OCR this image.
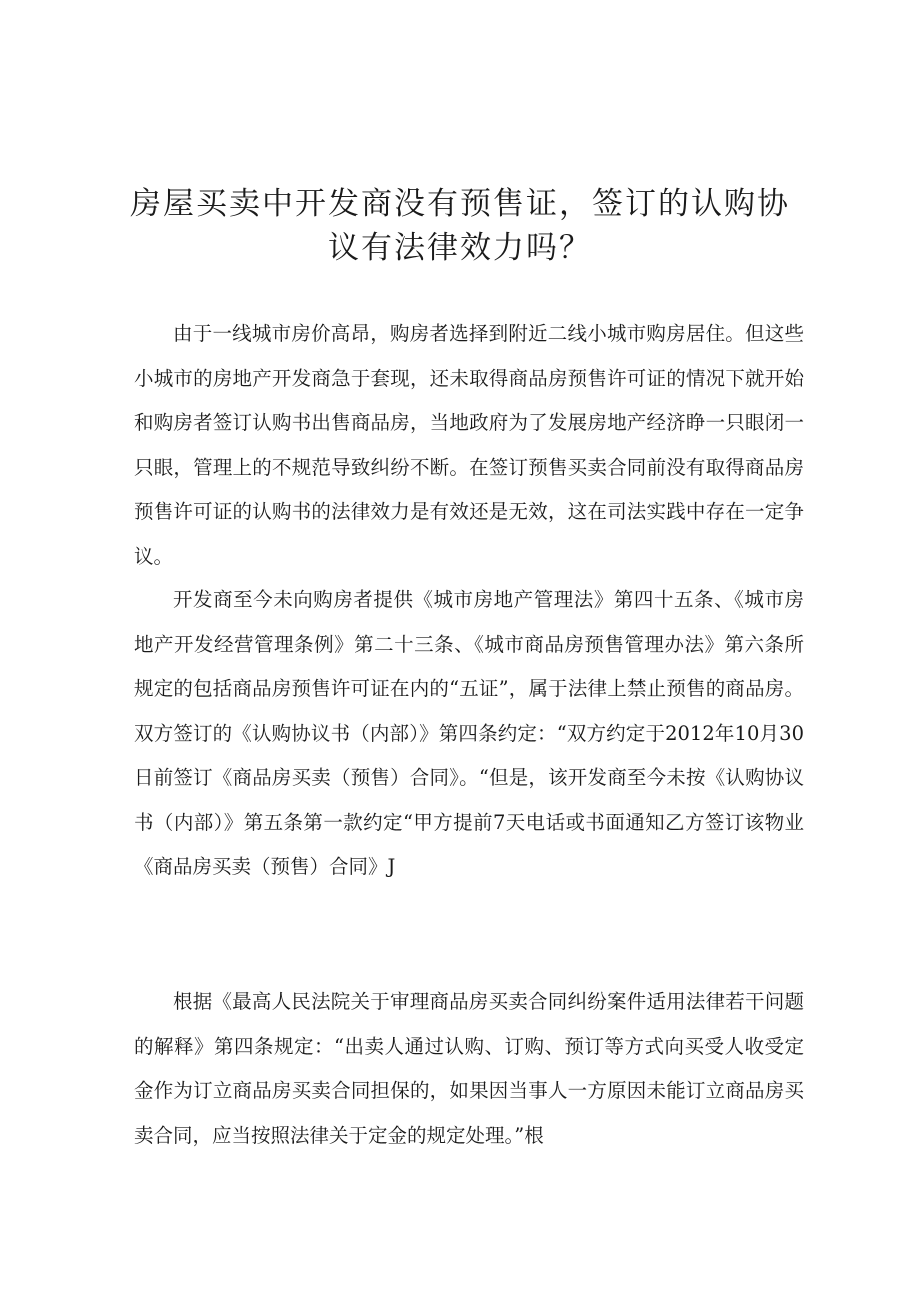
房屋买卖中开发商没有预售证，签订的认购协
议有法律效力吗？

由于一线城市房价高昂，购房者选择到附近二线小城市购房居住。但这些小城市的房地产开发商急于套现，还未取得商品房预售许可证的情况下就开始和购房者签订认购书出售商品房，当地政府为了发展房地产经济睁一只眼闭一只眼，管理上的不规范导致纠纷不断。在签订预售买卖合同前没有取得商品房预售许可证的认购书的法律效力是有效还是无效，这在司法实践中存在一定争议。

开发商至今未向购房者提供《城市房地产管理法》第四十五条、《城市房地产开发经营管理条例》第二十三条、《城市商品房预售管理办法》第六条所规定的包括商品房预售许可证在内的“五证”，属于法律上禁止预售的商品房。双方签订的《认购协议书（内部）》第四条约定：“双方约定于2012年10月30日前签订《商品房买卖（预售）合同》。“但是，该开发商至今未按《认购协议书（内部）》第五条第一款约定“甲方提前7天电话或书面通知乙方签订该物业《商品房买卖（预售）合同》J

根据《最高人民法院关于审理商品房买卖合同纠纷案件适用法律若干问题的解释》第四条规定：“出卖人通过认购、订购、预订等方式向买受人收受定金作为订立商品房买卖合同担保的，如果因当事人一方原因未能订立商品房买卖合同，应当按照法律关于定金的规定处理。”根
